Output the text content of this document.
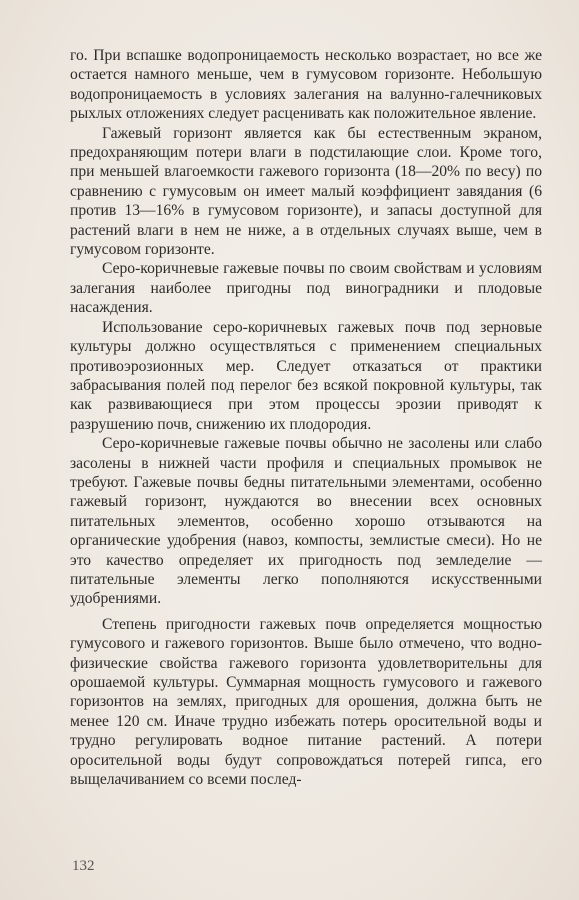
го. При вспашке водопроницаемость несколько возрастает, но все же остается намного меньше, чем в гумусовом горизонте. Небольшую водопроницаемость в условиях залегания на валунно-галечниковых рыхлых отложениях следует расценивать как положительное явление.

Гажевый горизонт является как бы естественным экраном, предохраняющим потери влаги в подстилающие слои. Кроме того, при меньшей влагоемкости гажевого горизонта (18—20% по весу) по сравнению с гумусовым он имеет малый коэффициент завядания (6 против 13—16% в гумусовом горизонте), и запасы доступной для растений влаги в нем не ниже, а в отдельных случаях выше, чем в гумусовом горизонте.

Серо-коричневые гажевые почвы по своим свойствам и условиям залегания наиболее пригодны под виноградники и плодовые насаждения.

Использование серо-коричневых гажевых почв под зерновые культуры должно осуществляться с применением специальных противоэрозионных мер. Следует отказаться от практики забрасывания полей под перелог без всякой покровной культуры, так как развивающиеся при этом процессы эрозии приводят к разрушению почв, снижению их плодородия.

Серо-коричневые гажевые почвы обычно не засолены или слабо засолены в нижней части профиля и специальных промывок не требуют. Гажевые почвы бедны питательными элементами, особенно гажевый горизонт, нуждаются во внесении всех основных питательных элементов, особенно хорошо отзываются на органические удобрения (навоз, компосты, землистые смеси). Но не это качество определяет их пригодность под земледелие — питательные элементы легко пополняются искусственными удобрениями.

Степень пригодности гажевых почв определяется мощностью гумусового и гажевого горизонтов. Выше было отмечено, что водно-физические свойства гажевого горизонта удовлетворительны для орошаемой культуры. Суммарная мощность гумусового и гажевого горизонтов на землях, пригодных для орошения, должна быть не менее 120 см. Иначе трудно избежать потерь оросительной воды и трудно регулировать водное питание растений. А потери оросительной воды будут сопровождаться потерей гипса, его выщелачиванием со всеми послед-

132
